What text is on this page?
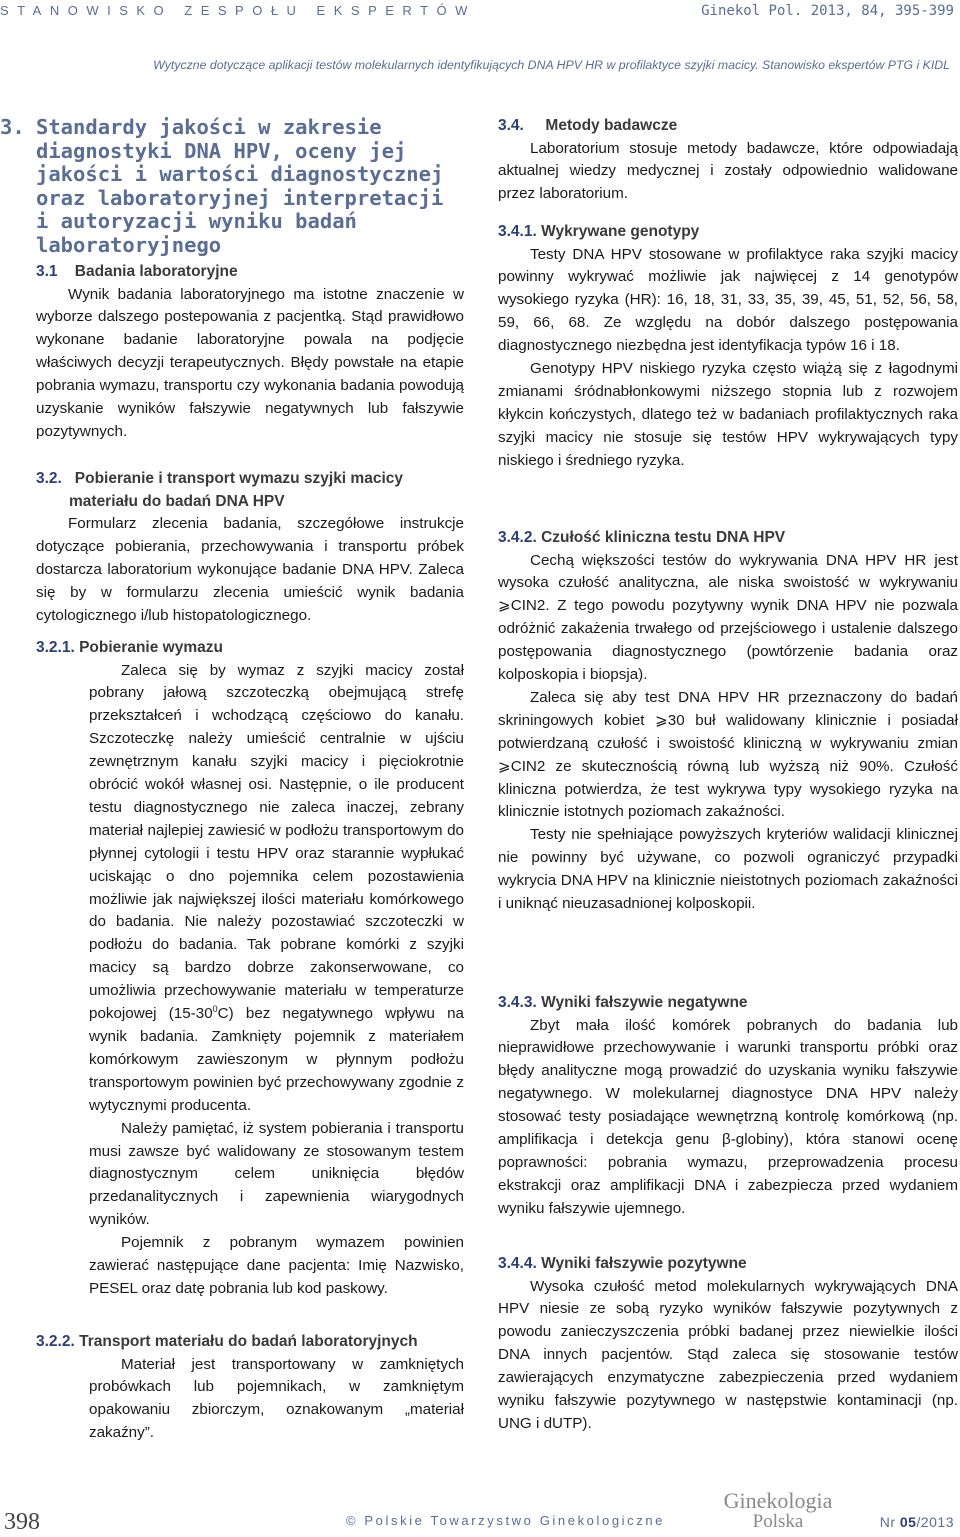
STANOWISKO ZESPOŁU EKSPERTÓW	Ginekol Pol. 2013, 84, 395-399
Wytyczne dotyczące aplikacji testów molekularnych identyfikujących DNA HPV HR w profilaktyce szyjki macicy. Stanowisko ekspertów PTG i KIDL

3. Standardy jakości w zakresie diagnostyki DNA HPV, oceny jej jakości i wartości diagnostycznej oraz laboratoryjnej interpretacji i autoryzacji wyniku badań laboratoryjnego

3.1 Badania laboratoryjne

Wynik badania laboratoryjnego ma istotne znaczenie w wyborze dalszego postepowania z pacjentką. Stąd prawidłowo wykonane badanie laboratoryjne powala na podjęcie właściwych decyzji terapeutycznych. Błędy powstałe na etapie pobrania wymazu, transportu czy wykonania badania powodują uzyskanie wyników fałszywie negatywnych lub fałszywie pozytywnych.

3.2. Pobieranie i transport wymazu szyjki macicy materiału do badań DNA HPV

Formularz zlecenia badania, szczegółowe instrukcje dotyczące pobierania, przechowywania i transportu próbek dostarcza laboratorium wykonujące badanie DNA HPV. Zaleca się by w formularzu zlecenia umieścić wynik badania cytologicznego i/lub histopatologicznego.

3.2.1. Pobieranie wymazu

Zaleca się by wymaz z szyjki macicy został pobrany jałową szczoteczką obejmującą strefę przekształceń i wchodzącą częściowo do kanału. Szczoteczkę należy umieścić centralnie w ujściu zewnętrznym kanału szyjki macicy i pięciokrotnie obrócić wokół własnej osi. Następnie, o ile producent testu diagnostycznego nie zaleca inaczej, zebrany materiał najlepiej zawiesić w podłożu transportowym do płynnej cytologii i testu HPV oraz starannie wypłukać uciskając o dno pojemnika celem pozostawienia możliwie jak największej ilości materiału komórkowego do badania. Nie należy pozostawiać szczoteczki w podłożu do badania. Tak pobrane komórki z szyjki macicy są bardzo dobrze zakonserwowane, co umożliwia przechowywanie materiału w temperaturze pokojowej $(15-30^0C)$ bez negatywnego wpływu na wynik badania. Zamknięty pojemnik z materiałem komórkowym zawieszonym w płynnym podłożu transportowym powinien być przechowywany zgodnie z wytycznymi producenta.

Należy pamiętać, iż system pobierania i transportu musi zawsze być walidowany ze stosowanym testem diagnostycznym celem uniknięcia błędów przedanalitycznych i zapewnienia wiarygodnych wyników.

Pojemnik z pobranym wymazem powinien zawierać następujące dane pacjenta: Imię Nazwisko, PESEL oraz datę pobrania lub kod paskowy.

3.2.2. Transport materiału do badań laboratoryjnych

Materiał jest transportowany w zamkniętych probówkach lub pojemnikach, w zamkniętym opakowaniu zbiorczym, oznakowanym „materiał zakaźny”.

3.4. Metody badawcze

Laboratorium stosuje metody badawcze, które odpowiadają aktualnej wiedzy medycznej i zostały odpowiednio walidowane przez laboratorium.

3.4.1. Wykrywane genotypy

Testy DNA HPV stosowane w profilaktyce raka szyjki macicy powinny wykrywać możliwie jak najwięcej z 14 genotypów wysokiego ryzyka (HR): 16, 18, 31, 33, 35, 39, 45, 51, 52, 56, 58, 59, 66, 68. Ze względu na dobór dalszego postępowania diagnostycznego niezbędna jest identyfikacja typów 16 i 18.

Genotypy HPV niskiego ryzyka często wiążą się z łagodnymi zmianami śródnabłonkowymi niższego stopnia lub z rozwojem kłykcin kończystych, dlatego też w badaniach profilaktycznych raka szyjki macicy nie stosuje się testów HPV wykrywających typy niskiego i średniego ryzyka.

3.4.2. Czułość kliniczna testu DNA HPV

Cechą większości testów do wykrywania DNA HPV HR jest wysoka czułość analityczna, ale niska swoistość w wykrywaniu ⩾CIN2. Z tego powodu pozytywny wynik DNA HPV nie pozwala odróżnić zakażenia trwałego od przejściowego i ustalenie dalszego postępowania diagnostycznego (powtórzenie badania oraz kolposkopia i biopsja).

Zaleca się aby test DNA HPV HR przeznaczony do badań skriningowych kobiet ⩾30 buł walidowany klinicznie i posiadał potwierdzaną czułość i swoistość kliniczną w wykrywaniu zmian ⩾CIN2 ze skutecznością równą lub wyższą niż 90%. Czułość kliniczna potwierdza, że test wykrywa typy wysokiego ryzyka na klinicznie istotnych poziomach zakaźności.

Testy nie spełniające powyższych kryteriów walidacji klinicznej nie powinny być używane, co pozwoli ograniczyć przypadki wykrycia DNA HPV na klinicznie nieistotnych poziomach zakaźności i uniknąć nieuzasadnionej kolposkopii.

3.4.3. Wyniki fałszywie negatywne

Zbyt mała ilość komórek pobranych do badania lub nieprawidłowe przechowywanie i warunki transportu próbki oraz błędy analityczne mogą prowadzić do uzyskania wyniku fałszywie negatywnego. W molekularnej diagnostyce DNA HPV należy stosować testy posiadające wewnętrzną kontrolę komórkową (np. amplifikacja i detekcja genu β-globiny), która stanowi ocenę poprawności: pobrania wymazu, przeprowadzenia procesu ekstrakcji oraz amplifikacji DNA i zabezpiecza przed wydaniem wyniku fałszywie ujemnego.

3.4.4. Wyniki fałszywie pozytywne

Wysoka czułość metod molekularnych wykrywających DNA HPV niesie ze sobą ryzyko wyników fałszywie pozytywnych z powodu zanieczyszczenia próbki badanej przez niewielkie ilości DNA innych pacjentów. Stąd zaleca się stosowanie testów zawierających enzymatyczne zabezpieczenia przed wydaniem wyniku fałszywie pozytywnego w następstwie kontaminacji (np. UNG i dUTP).

398	© Polskie Towarzystwo Ginekologiczne
Ginekologia
Polska	Nr 05/2013
